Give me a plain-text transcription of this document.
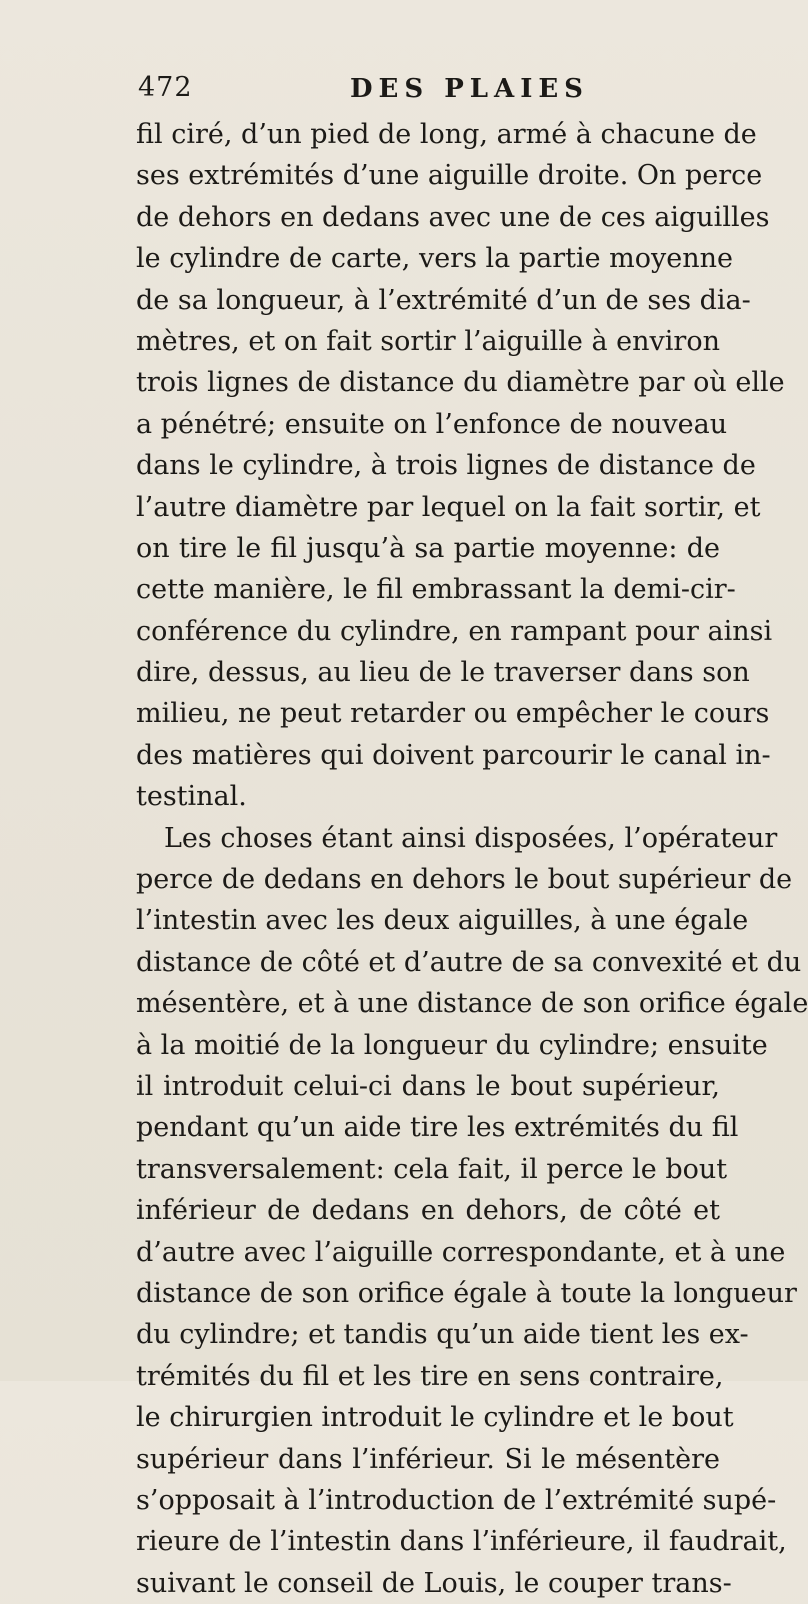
472	DES PLAIES
fil ciré, d’un pied de long, armé à chacune de
ses extrémités d’une aiguille droite. On perce
de dehors en dedans avec une de ces aiguilles
le cylindre de carte, vers la partie moyenne
de sa longueur, à l’extrémité d’un de ses dia-
mètres, et on fait sortir l’aiguille à environ
trois lignes de distance du diamètre par où elle
a pénétré; ensuite on l’enfonce de nouveau
dans le cylindre, à trois lignes de distance de
l’autre diamètre par lequel on la fait sortir, et
on tire le fil jusqu’à sa partie moyenne: de
cette manière, le fil embrassant la demi-cir-
conférence du cylindre, en rampant pour ainsi
dire, dessus, au lieu de le traverser dans son
milieu, ne peut retarder ou empêcher le cours
des matières qui doivent parcourir le canal in-
testinal.
Les choses étant ainsi disposées, l’opérateur
perce de dedans en dehors le bout supérieur de
l’intestin avec les deux aiguilles, à une égale
distance de côté et d’autre de sa convexité et du
mésentère, et à une distance de son orifice égale
à la moitié de la longueur du cylindre; ensuite
il introduit celui-ci dans le bout supérieur,
pendant qu’un aide tire les extrémités du fil
transversalement: cela fait, il perce le bout
inférieur de dedans en dehors, de côté et
d’autre avec l’aiguille correspondante, et à une
distance de son orifice égale à toute la longueur
du cylindre; et tandis qu’un aide tient les ex-
trémités du fil et les tire en sens contraire,
le chirurgien introduit le cylindre et le bout
supérieur dans l’inférieur. Si le mésentère
s’opposait à l’introduction de l’extrémité supé-
rieure de l’intestin dans l’inférieure, il faudrait,
suivant le conseil de Louis, le couper trans-
